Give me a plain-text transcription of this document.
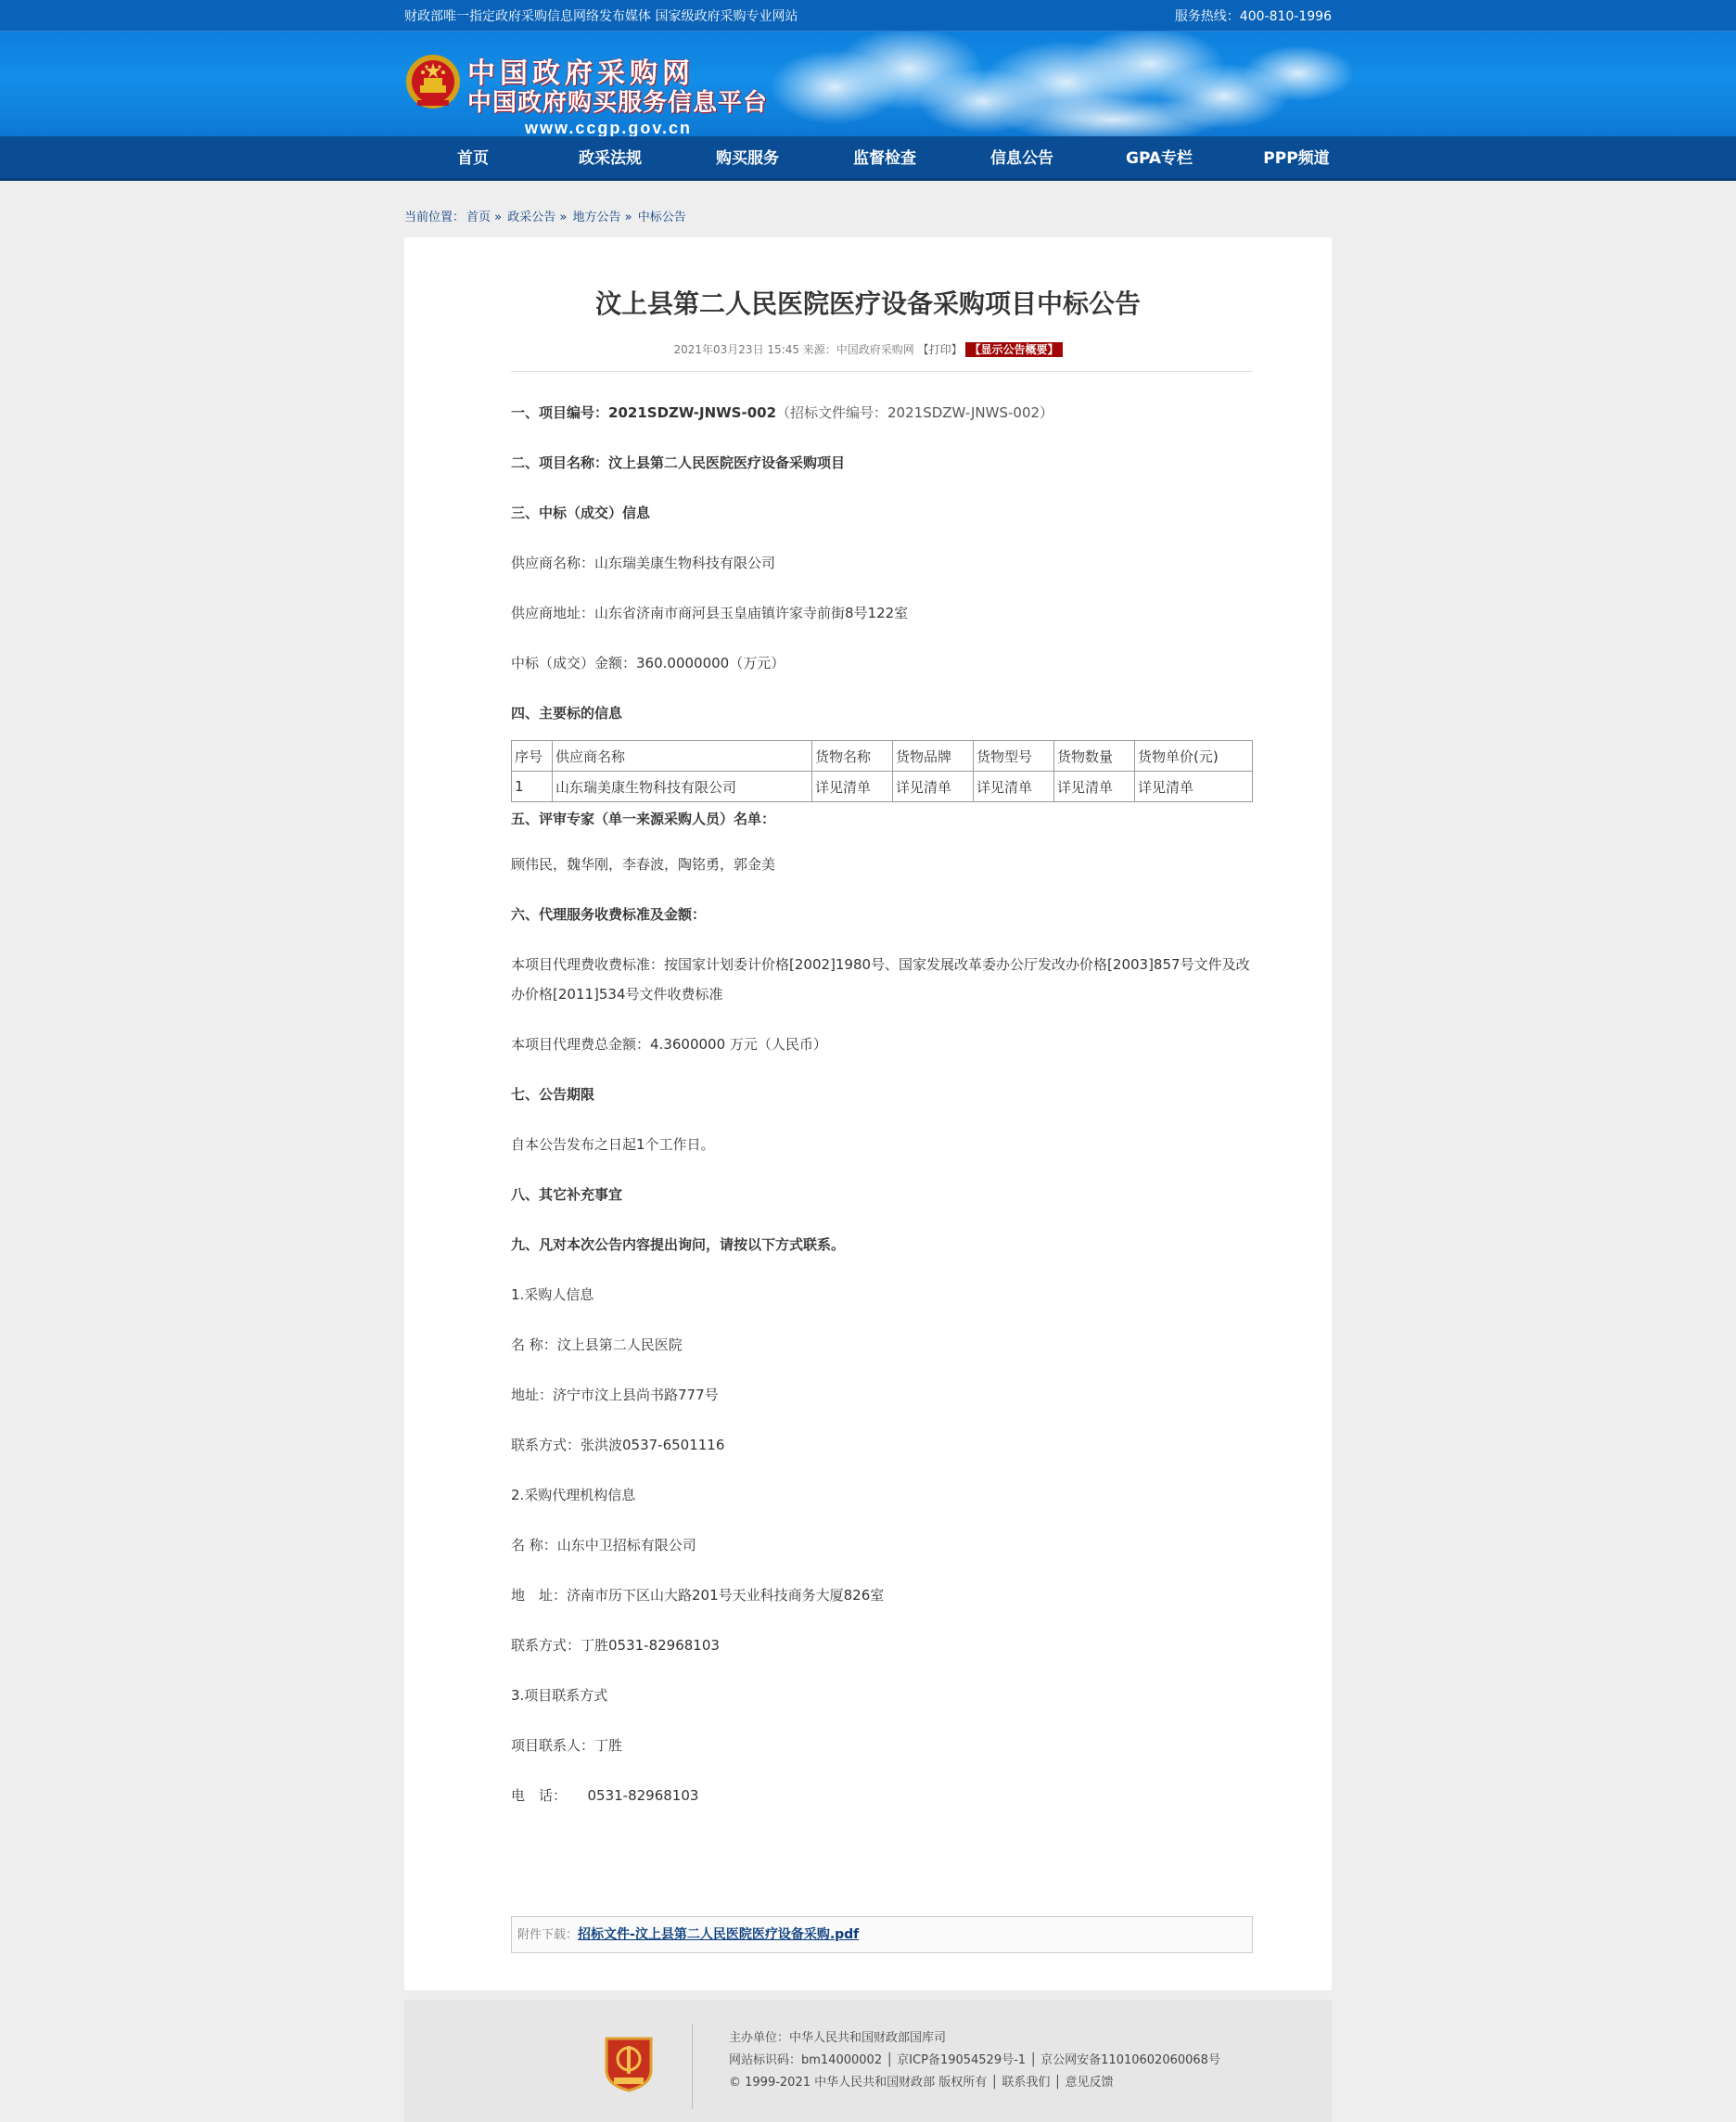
财政部唯一指定政府采购信息网络发布媒体 国家级政府采购专业网站	服务热线：400-810-1996
中国政府采购网
中国政府购买服务信息平台
www.ccgp.gov.cn
首页	政采法规	购买服务	监督检查	信息公告	GPA专栏	PPP频道
当前位置： 首页 » 政采公告 » 地方公告 » 中标公告
汶上县第二人民医院医疗设备采购项目中标公告
2021年03月23日 15:45 来源：中国政府采购网 【打印】 【显示公告概要】
一、项目编号：2021SDZW-JNWS-002（招标文件编号：2021SDZW-JNWS-002）
二、项目名称：汶上县第二人民医院医疗设备采购项目
三、中标（成交）信息
供应商名称：山东瑞美康生物科技有限公司
供应商地址：山东省济南市商河县玉皇庙镇许家寺前街8号122室
中标（成交）金额：360.0000000（万元）
四、主要标的信息
序号	供应商名称	货物名称	货物品牌	货物型号	货物数量	货物单价(元)
1	山东瑞美康生物科技有限公司	详见清单	详见清单	详见清单	详见清单	详见清单
五、评审专家（单一来源采购人员）名单：
顾伟民，魏华刚，李春波，陶铭勇，郭金美
六、代理服务收费标准及金额：
本项目代理费收费标准：按国家计划委计价格[2002]1980号、国家发展改革委办公厅发改办价格[2003]857号文件及改办价格[2011]534号文件收费标准
本项目代理费总金额：4.3600000 万元（人民币）
七、公告期限
自本公告发布之日起1个工作日。
八、其它补充事宜
九、凡对本次公告内容提出询问，请按以下方式联系。
1.采购人信息
名 称：汶上县第二人民医院
地址：济宁市汶上县尚书路777号
联系方式：张洪波0537-6501116
2.采购代理机构信息
名 称：山东中卫招标有限公司
地　址：济南市历下区山大路201号天业科技商务大厦826室
联系方式：丁胜0531-82968103
3.项目联系方式
项目联系人：丁胜
电　话：　　0531-82968103
附件下载：招标文件-汶上县第二人民医院医疗设备采购.pdf
主办单位：中华人民共和国财政部国库司
网站标识码：bm14000002 │ 京ICP备19054529号-1 │ 京公网安备11010602060068号
© 1999-2021 中华人民共和国财政部 版权所有 │ 联系我们 │ 意见反馈
